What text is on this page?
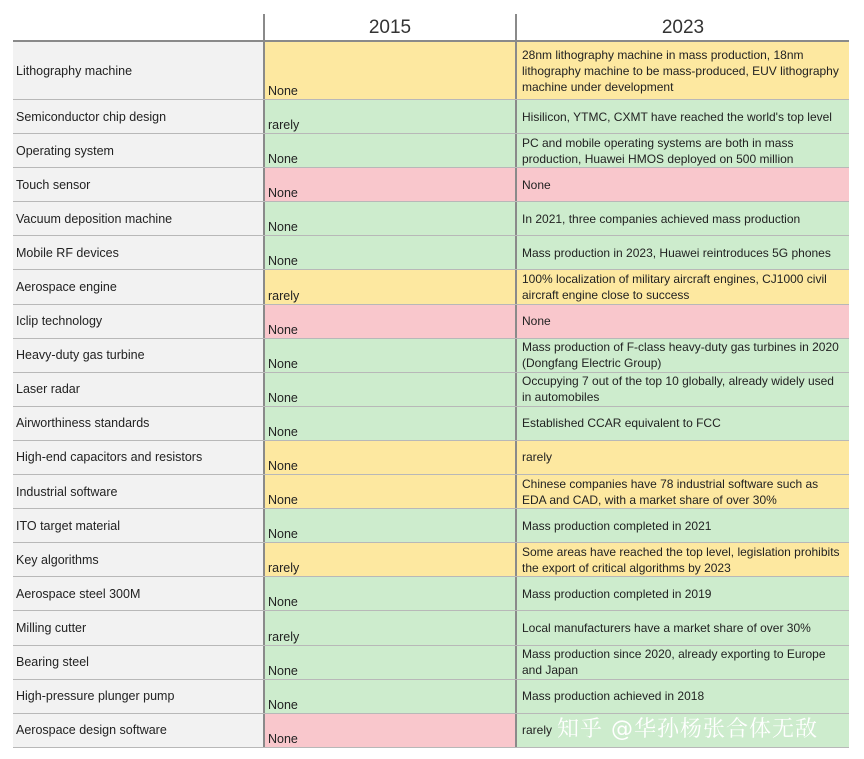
2015	2023
Lithography machine
None
28nm lithography machine in mass production, 18nm lithography machine to be mass-produced, EUV lithography machine under development
Semiconductor chip design
rarely
Hisilicon, YTMC, CXMT have reached the world's top level
Operating system
None
PC and mobile operating systems are both in mass production, Huawei HMOS deployed on 500 million
Touch sensor
None
None
Vacuum deposition machine
None
In 2021, three companies achieved mass production
Mobile RF devices
None
Mass production in 2023, Huawei reintroduces 5G phones
Aerospace engine
rarely
100% localization of military aircraft engines, CJ1000 civil aircraft engine close to success
Iclip technology
None
None
Heavy-duty gas turbine
None
Mass production of F-class heavy-duty gas turbines in 2020 (Dongfang Electric Group)
Laser radar
None
Occupying 7 out of the top 10 globally, already widely used in automobiles
Airworthiness standards
None
Established CCAR equivalent to FCC
High-end capacitors and resistors
None
rarely
Industrial software
None
Chinese companies have 78 industrial software such as EDA and CAD, with a market share of over 30%
ITO target material
None
Mass production completed in 2021
Key algorithms
rarely
Some areas have reached the top level, legislation prohibits the export of critical algorithms by 2023
Aerospace steel 300M
None
Mass production completed in 2019
Milling cutter
rarely
Local manufacturers have a market share of over 30%
Bearing steel
None
Mass production since 2020, already exporting to Europe and Japan
High-pressure plunger pump
None
Mass production achieved in 2018
Aerospace design software
None
rarely 知乎 @华孙杨张合体无敌
